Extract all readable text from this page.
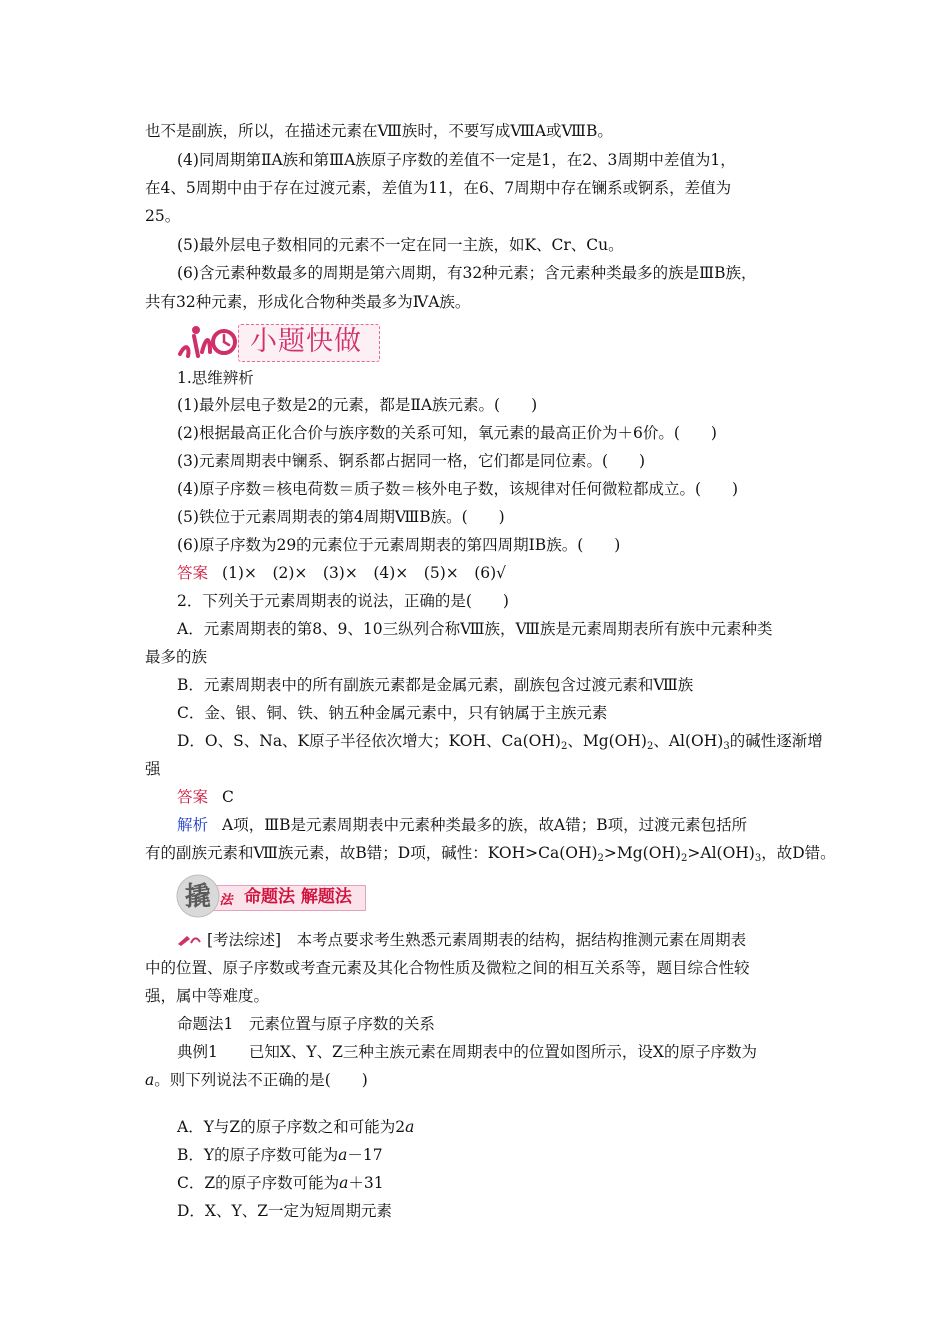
也不是副族，所以，在描述元素在Ⅷ族时，不要写成ⅧA或ⅧB。
(4)同周期第ⅡA族和第ⅢA族原子序数的差值不一定是1，在2、3周期中差值为1，
在4、5周期中由于存在过渡元素，差值为11，在6、7周期中存在镧系或锕系，差值为
25。
(5)最外层电子数相同的元素不一定在同一主族，如K、Cr、Cu。
(6)含元素种数最多的周期是第六周期，有32种元素；含元素种类最多的族是ⅢB族，
共有32种元素，形成化合物种类最多为ⅣA族。
小题快做
1.思维辨析
(1)最外层电子数是2的元素，都是ⅡA族元素。(　　)
(2)根据最高正化合价与族序数的关系可知，氧元素的最高正价为＋6价。(　　)
(3)元素周期表中镧系、锕系都占据同一格，它们都是同位素。(　　)
(4)原子序数＝核电荷数＝质子数＝核外电子数，该规律对任何微粒都成立。(　　)
(5)铁位于元素周期表的第4周期ⅧB族。(　　)
(6)原子序数为29的元素位于元素周期表的第四周期ⅠB族。(　　)
答案 (1)×　(2)×　(3)×　(4)×　(5)×　(6)√
2．下列关于元素周期表的说法，正确的是(　　)
A．元素周期表的第8、9、10三纵列合称Ⅷ族，Ⅷ族是元素周期表所有族中元素种类
最多的族
B．元素周期表中的所有副族元素都是金属元素，副族包含过渡元素和Ⅷ族
C．金、银、铜、铁、钠五种金属元素中，只有钠属于主族元素
D．O、S、Na、K原子半径依次增大；KOH、$Ca(OH)_2$、$Mg(OH)_2$、$Al(OH)_3$的碱性逐渐增
强
答案 C
解析 A项，ⅢB是元素周期表中元素种类最多的族，故A错；B项，过渡元素包括所
有的副族元素和Ⅷ族元素，故B错；D项，碱性：$KOH>Ca(OH)_2>Mg(OH)_2>Al(OH)_3$，故D错。
撬 法 命题法 解题法
[考法综述]　 本考点要求考生熟悉元素周期表的结构，据结构推测元素在周期表
中的位置、原子序数或考查元素及其化合物性质及微粒之间的相互关系等，题目综合性较
强，属中等难度。
命题法1　元素位置与原子序数的关系
典例1　　 已知X、Y、Z三种主族元素在周期表中的位置如图所示，设X的原子序数为
a。则下列说法不正确的是(　　)
A．Y与Z的原子序数之和可能为2a
B．Y的原子序数可能为a－17
C．Z的原子序数可能为a＋31
D．X、Y、Z一定为短周期元素
